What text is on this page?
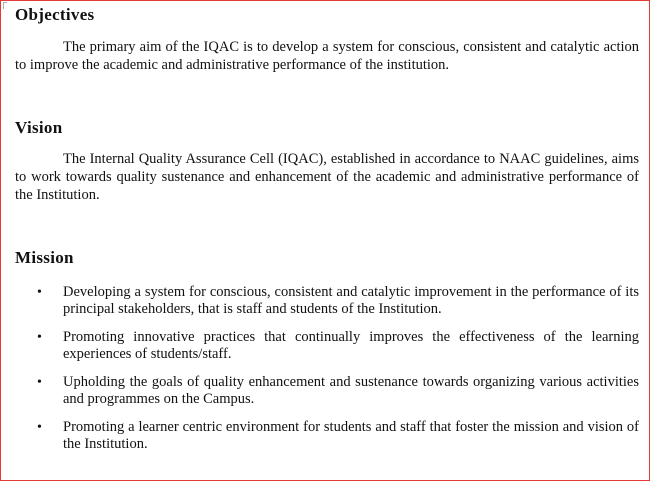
Objectives

The primary aim of the IQAC is to develop a system for conscious, consistent and catalytic action to improve the academic and administrative performance of the institution.

Vision

The Internal Quality Assurance Cell (IQAC), established in accordance to NAAC guidelines, aims to work towards quality sustenance and enhancement of the academic and administrative performance of the Institution.

Mission
• Developing a system for conscious, consistent and catalytic improvement in the performance of its principal stakeholders, that is staff and students of the Institution.
• Promoting innovative practices that continually improves the effectiveness of the learning experiences of students/staff.
• Upholding the goals of quality enhancement and sustenance towards organizing various activities and programmes on the Campus.
• Promoting a learner centric environment for students and staff that foster the mission and vision of the Institution.
